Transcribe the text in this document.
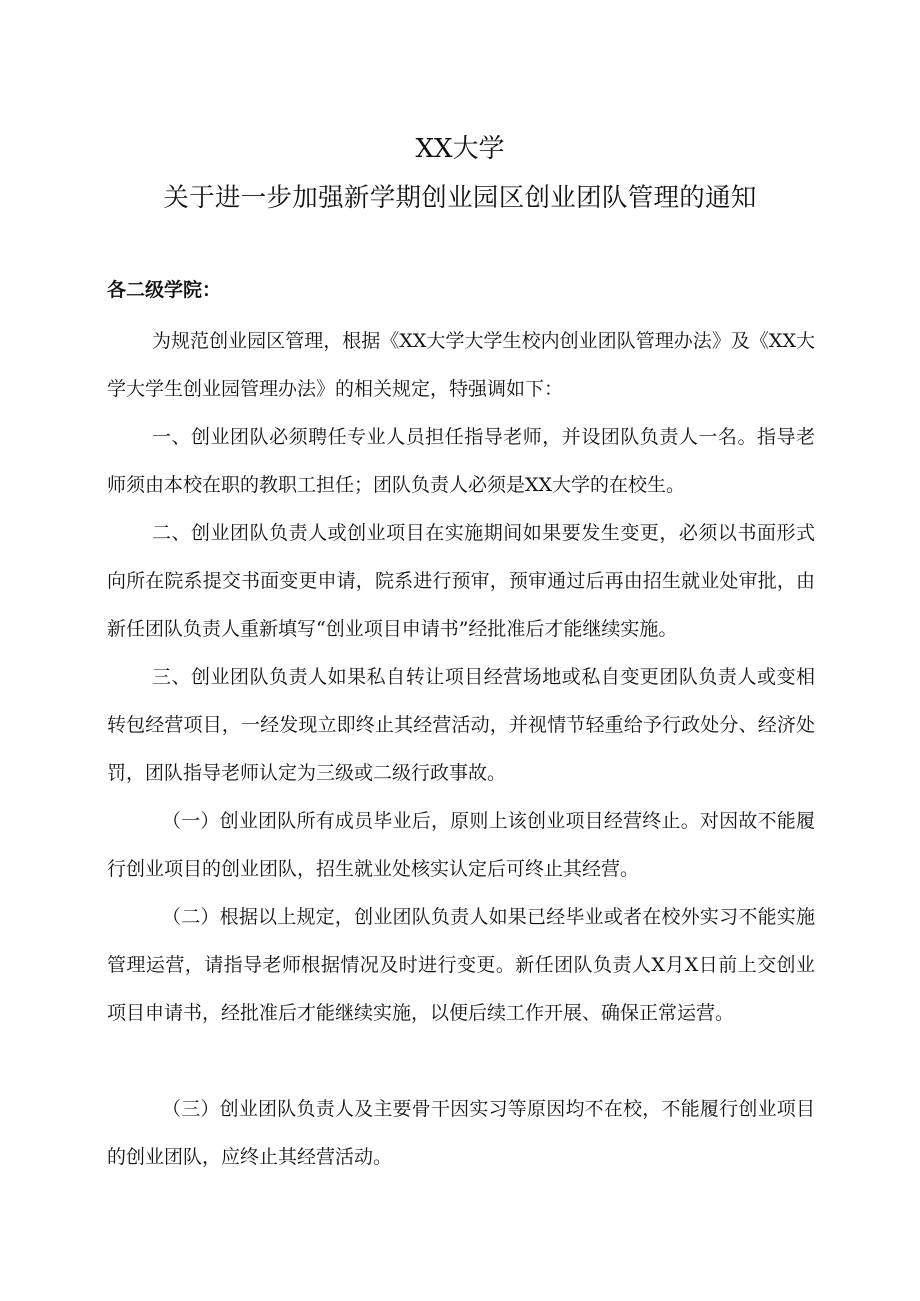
XX大学
关于进一步加强新学期创业园区创业团队管理的通知
各二级学院：

为规范创业园区管理，根据《XX大学大学生校内创业团队管理办法》及《XX大学大学生创业园管理办法》的相关规定，特强调如下：

一、创业团队必须聘任专业人员担任指导老师，并设团队负责人一名。指导老师须由本校在职的教职工担任；团队负责人必须是XX大学的在校生。

二、创业团队负责人或创业项目在实施期间如果要发生变更，必须以书面形式向所在院系提交书面变更申请，院系进行预审，预审通过后再由招生就业处审批，由新任团队负责人重新填写“创业项目申请书”经批准后才能继续实施。

三、创业团队负责人如果私自转让项目经营场地或私自变更团队负责人或变相转包经营项目，一经发现立即终止其经营活动，并视情节轻重给予行政处分、经济处罚，团队指导老师认定为三级或二级行政事故。

（一）创业团队所有成员毕业后，原则上该创业项目经营终止。对因故不能履行创业项目的创业团队，招生就业处核实认定后可终止其经营。

（二）根据以上规定，创业团队负责人如果已经毕业或者在校外实习不能实施管理运营，请指导老师根据情况及时进行变更。新任团队负责人X月X日前上交创业项目申请书，经批准后才能继续实施，以便后续工作开展、确保正常运营。

（三）创业团队负责人及主要骨干因实习等原因均不在校，不能履行创业项目的创业团队，应终止其经营活动。
